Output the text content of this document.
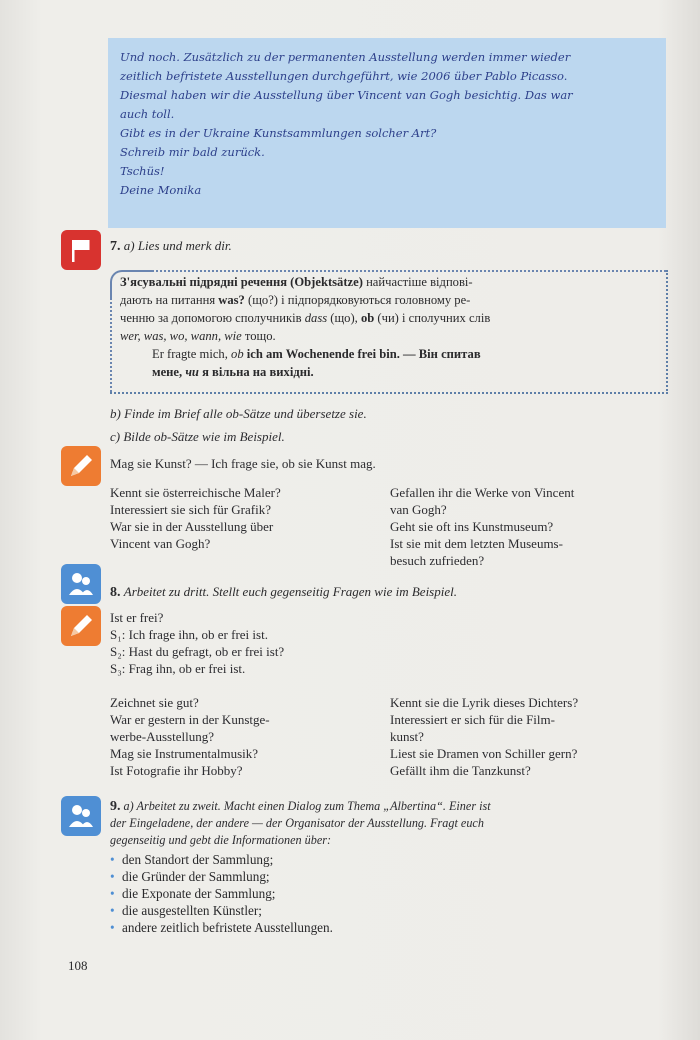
Und noch. Zusätzlich zu der permanenten Ausstellung werden immer wieder
zeitlich befristete Ausstellungen durchgeführt, wie 2006 über Pablo Picasso.
Diesmal haben wir die Ausstellung über Vincent van Gogh besichtig. Das war
auch toll.
Gibt es in der Ukraine Kunstsammlungen solcher Art?
Schreib mir bald zurück.
Tschüs!
Deine Monika
7. a) Lies und merk dir.
З'ясувальні підрядні речення (Objektsätze) найчастіше відпові-
дають на питання was? (що?) і підпорядковуються головному ре-
ченню за допомогою сполучників dass (що), ob (чи) і сполучних слів
wer, was, wo, wann, wie тощо.
Er fragte mich, ob ich am Wochenende frei bin. — Він спитав
мене, чи я вільна на вихідні.
b) Finde im Brief alle ob-Sätze und übersetze sie.
c) Bilde ob-Sätze wie im Beispiel.
Mag sie Kunst? — Ich frage sie, ob sie Kunst mag.
Kennt sie österreichische Maler?
Interessiert sie sich für Grafik?
War sie in der Ausstellung über
Vincent van Gogh?
Gefallen ihr die Werke von Vincent
van Gogh?
Geht sie oft ins Kunstmuseum?
Ist sie mit dem letzten Museums-
besuch zufrieden?
8. Arbeitet zu dritt. Stellt euch gegenseitig Fragen wie im Beispiel.
Ist er frei?
S₁: Ich frage ihn, ob er frei ist.
S₂: Hast du gefragt, ob er frei ist?
S₃: Frag ihn, ob er frei ist.
Zeichnet sie gut?
War er gestern in der Kunstge-
werbe-Ausstellung?
Mag sie Instrumentalmusik?
Ist Fotografie ihr Hobby?
Kennt sie die Lyrik dieses Dichters?
Interessiert er sich für die Film-
kunst?
Liest sie Dramen von Schiller gern?
Gefällt ihm die Tanzkunst?
9. a) Arbeitet zu zweit. Macht einen Dialog zum Thema „Albertina“. Einer ist
der Eingeladene, der andere — der Organisator der Ausstellung. Fragt euch
gegenseitig und gebt die Informationen über:
• den Standort der Sammlung;
• die Gründer der Sammlung;
• die Exponate der Sammlung;
• die ausgestellten Künstler;
• andere zeitlich befristete Ausstellungen.
108
